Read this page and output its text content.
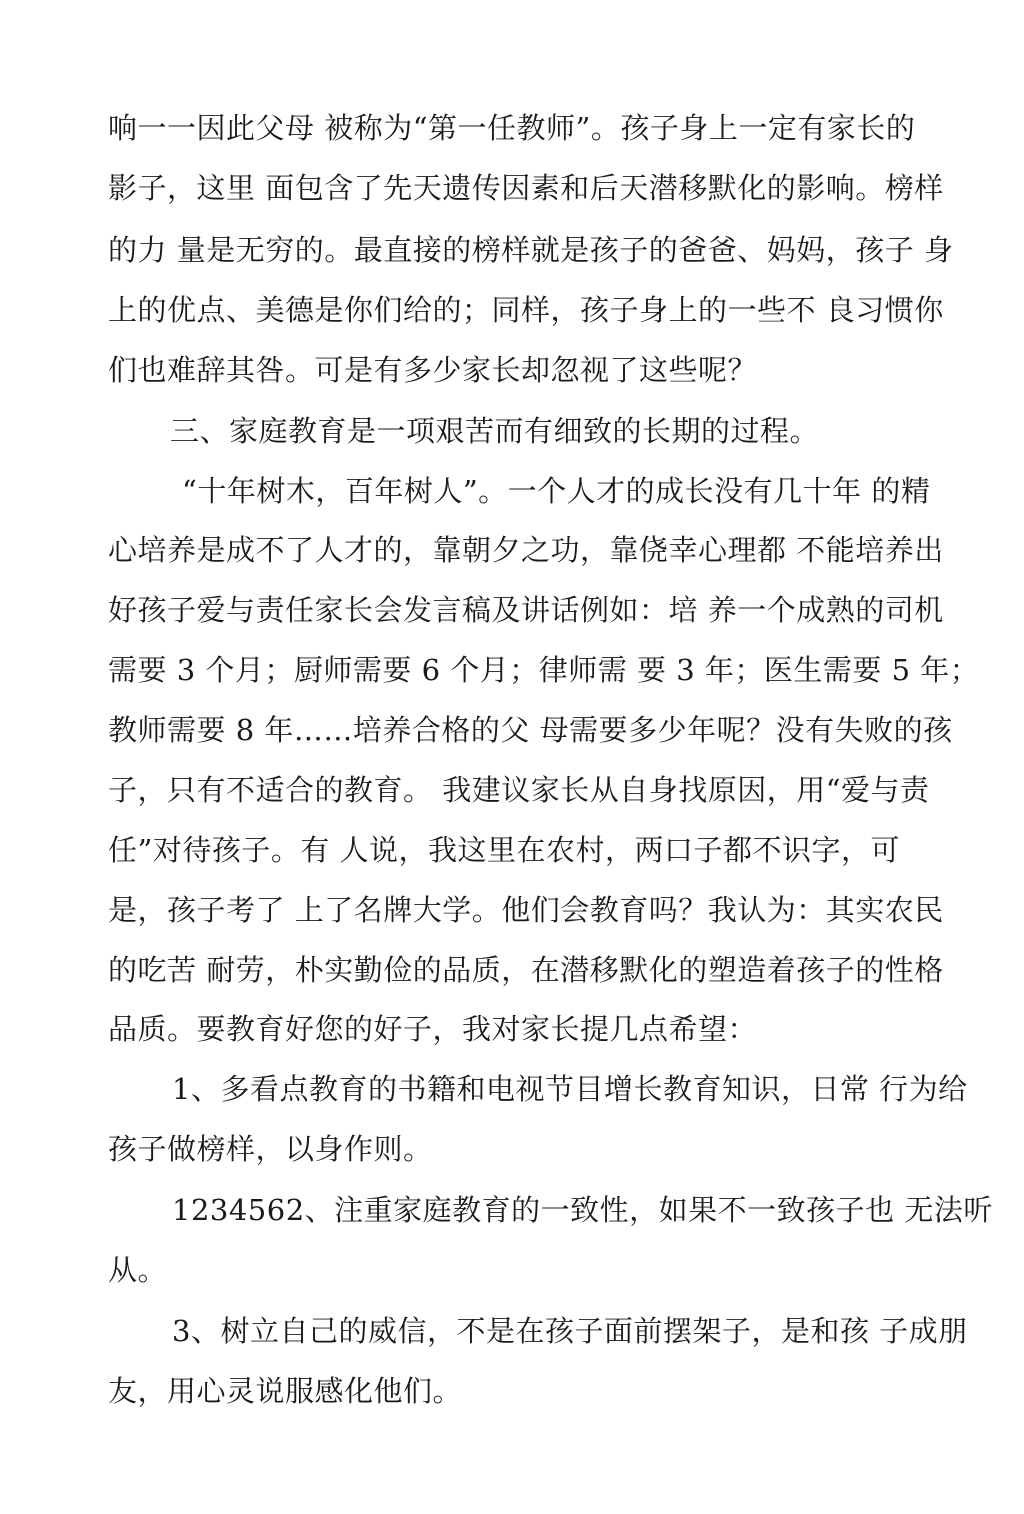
响一一因此父母 被称为“第一任教师”。孩子身上一定有家长的
影子，这里 面包含了先天遗传因素和后天潜移默化的影响。榜样
的力 量是无穷的。最直接的榜样就是孩子的爸爸、妈妈，孩子 身
上的优点、美德是你们给的；同样，孩子身上的一些不 良习惯你
们也难辞其咎。可是有多少家长却忽视了这些呢？
三、家庭教育是一项艰苦而有细致的长期的过程。
“十年树木，百年树人”。一个人才的成长没有几十年 的精
心培养是成不了人才的，靠朝夕之功，靠侥幸心理都 不能培养出
好孩子爱与责任家长会发言稿及讲话例如：培 养一个成熟的司机
需要 3 个月；厨师需要 6 个月；律师需 要 3 年；医生需要 5 年；
教师需要 8 年……培养合格的父 母需要多少年呢？没有失败的孩
子，只有不适合的教育。 我建议家长从自身找原因，用“爱与责
任”对待孩子。有 人说，我这里在农村，两口子都不识字，可
是，孩子考了 上了名牌大学。他们会教育吗？我认为：其实农民
的吃苦 耐劳，朴实勤俭的品质，在潜移默化的塑造着孩子的性格
品质。要教育好您的好子，我对家长提几点希望：
1、多看点教育的书籍和电视节目增长教育知识，日常 行为给
孩子做榜样，以身作则。
1234562、注重家庭教育的一致性，如果不一致孩子也 无法听
从。
3、树立自己的威信，不是在孩子面前摆架子，是和孩 子成朋
友，用心灵说服感化他们。
